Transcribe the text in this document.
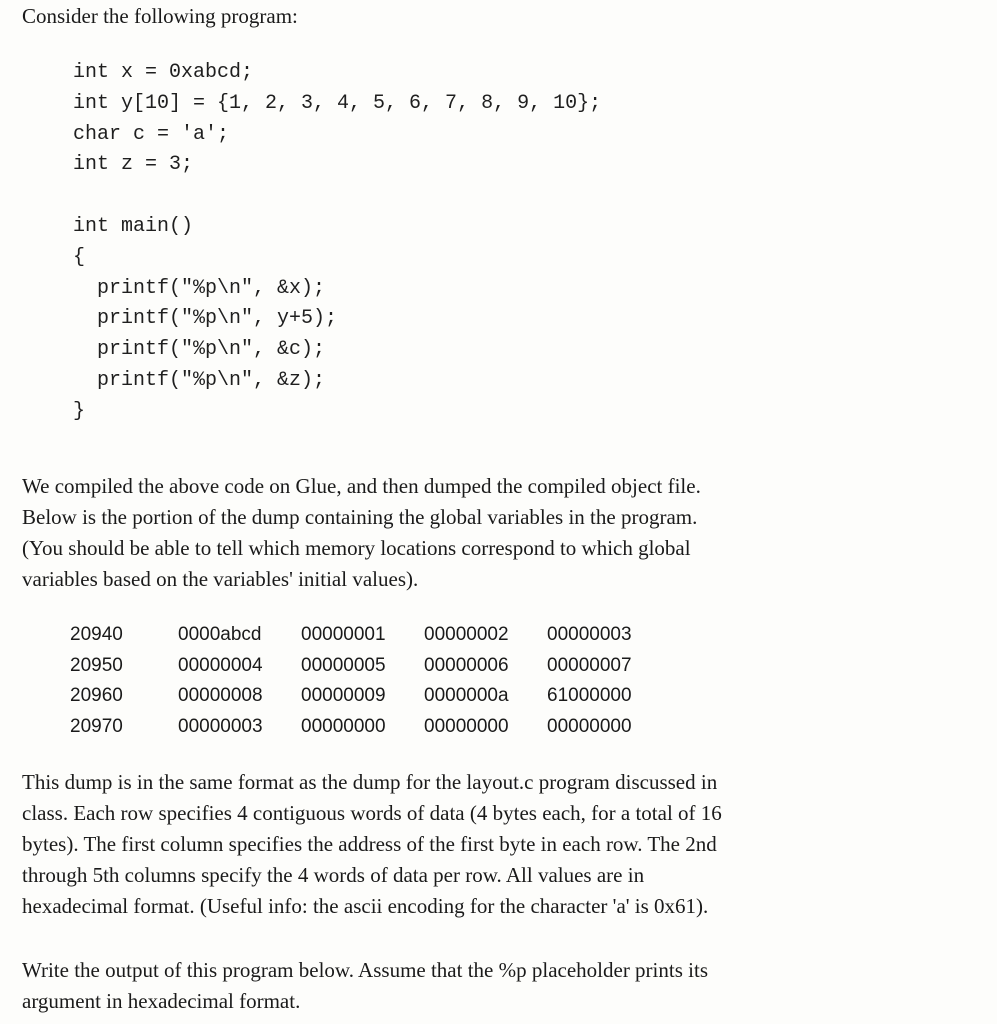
Consider the following program:

int x = 0xabcd;
int y[10] = {1, 2, 3, 4, 5, 6, 7, 8, 9, 10};
char c = 'a';
int z = 3;
int main()
{
printf("%p\n", &x);
printf("%p\n", y+5);
printf("%p\n", &c);
printf("%p\n", &z);
}
We compiled the above code on Glue, and then dumped the compiled object file.
Below is the portion of the dump containing the global variables in the program.
(You should be able to tell which memory locations correspond to which global
variables based on the variables' initial values).
20940	0000abcd	00000001	00000002	00000003
20950	00000004	00000005	00000006	00000007
20960	00000008	00000009	0000000a	61000000
20970	00000003	00000000	00000000	00000000
This dump is in the same format as the dump for the layout.c program discussed in
class. Each row specifies 4 contiguous words of data (4 bytes each, for a total of 16
bytes). The first column specifies the address of the first byte in each row. The 2nd
through 5th columns specify the 4 words of data per row. All values are in
hexadecimal format. (Useful info: the ascii encoding for the character 'a' is 0x61).
Write the output of this program below. Assume that the %p placeholder prints its
argument in hexadecimal format.
